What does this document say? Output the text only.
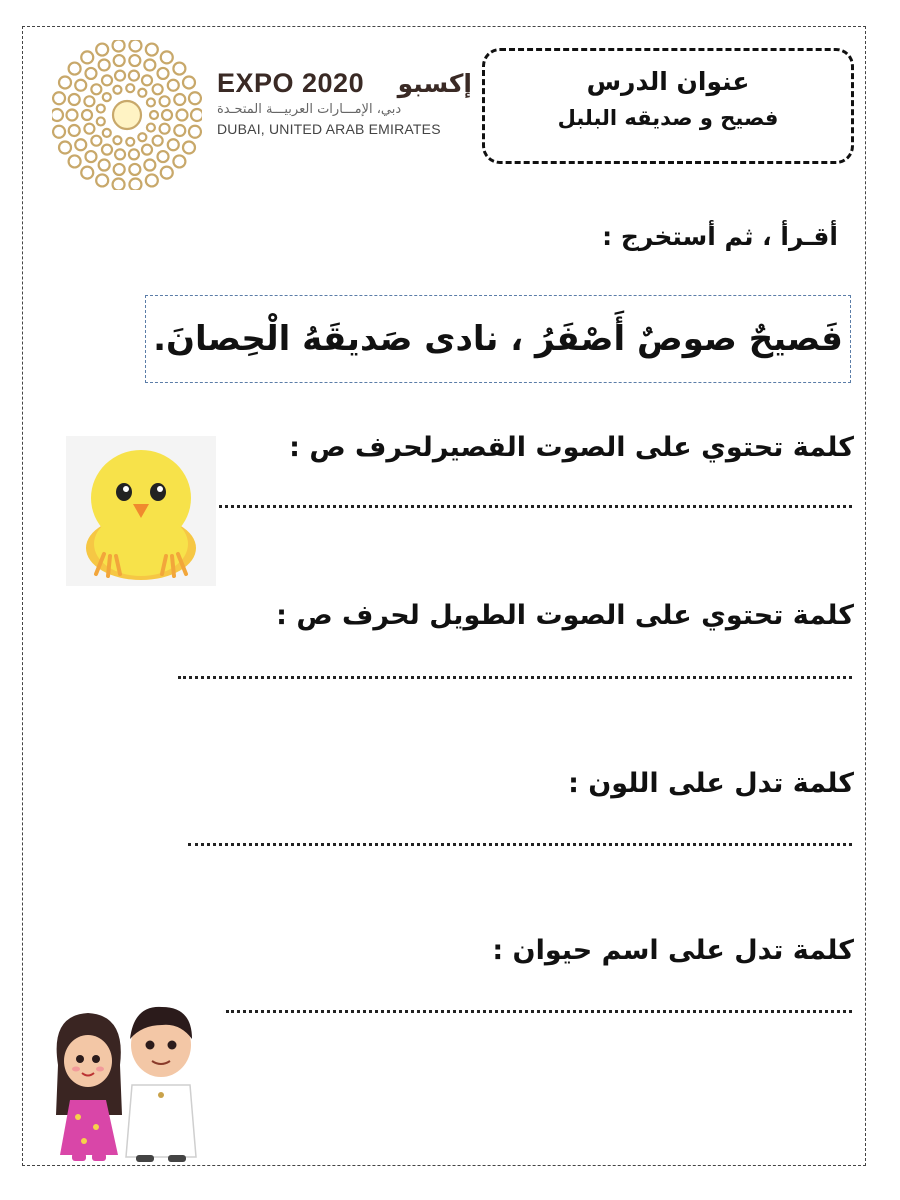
EXPO 2020 إكسبو
دبي، الإمـــارات العربيـــة المتحـدة
DUBAI, UNITED ARAB EMIRATES
عنوان الدرس
فصيح و صديقه البلبل
أقـرأ ، ثم أستخرج :
فَصيحٌ صوصٌ أَصْفَرُ ، نادى صَديقَهُ الْحِصانَ.
كلمة تحتوي على الصوت القصيرلحرف ص :
كلمة تحتوي على الصوت الطويل لحرف ص :
كلمة تدل على اللون :
كلمة تدل على اسم حيوان :
